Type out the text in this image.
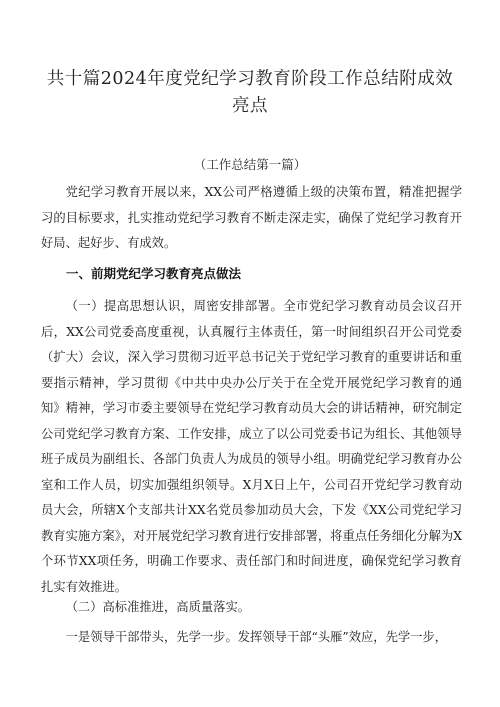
共十篇2024年度党纪学习教育阶段工作总结附成效亮点
（工作总结第一篇）

党纪学习教育开展以来，XX公司严格遵循上级的决策布置，精准把握学习的目标要求，扎实推动党纪学习教育不断走深走实，确保了党纪学习教育开好局、起好步、有成效。

一、前期党纪学习教育亮点做法

（一）提高思想认识，周密安排部署。全市党纪学习教育动员会议召开后，XX公司党委高度重视，认真履行主体责任，第一时间组织召开公司党委（扩大）会议，深入学习贯彻习近平总书记关于党纪学习教育的重要讲话和重要指示精神，学习贯彻《中共中央办公厅关于在全党开展党纪学习教育的通知》精神，学习市委主要领导在党纪学习教育动员大会的讲话精神，研究制定公司党纪学习教育方案、工作安排，成立了以公司党委书记为组长、其他领导班子成员为副组长、各部门负责人为成员的领导小组。明确党纪学习教育办公室和工作人员，切实加强组织领导。X月X日上午，公司召开党纪学习教育动员大会，所辖X个支部共计XX名党员参加动员大会，下发《XX公司党纪学习教育实施方案》，对开展党纪学习教育进行安排部署，将重点任务细化分解为X个环节XX项任务，明确工作要求、责任部门和时间进度，确保党纪学习教育扎实有效推进。

（二）高标准推进，高质量落实。

一是领导干部带头，先学一步。发挥领导干部“头雁”效应，先学一步，
